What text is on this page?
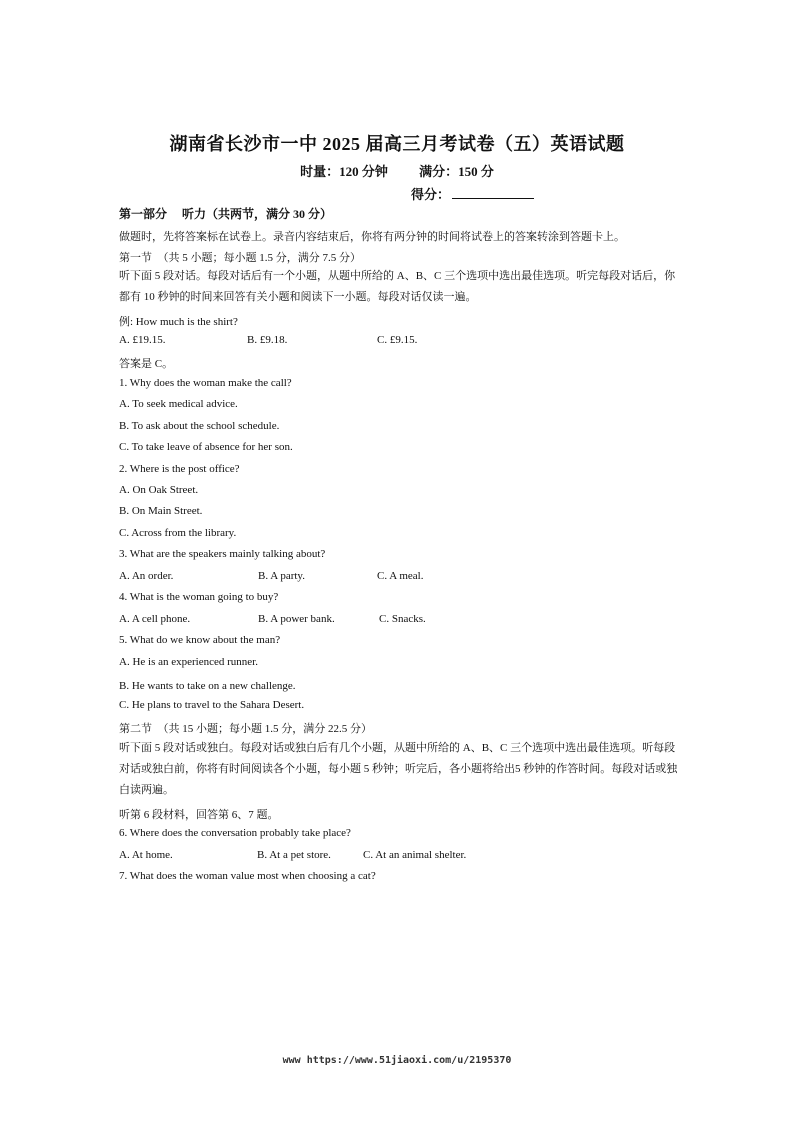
湖南省长沙市一中 2025 届高三月考试卷（五）英语试题
时量：120 分钟 满分：150 分
得分：
第一部分　 听力（共两节，满分 30 分）
做题时，先将答案标在试卷上。录音内容结束后，你将有两分钟的时间将试卷上的答案转涂到答题卡上。
第一节　（共 5 小题；每小题 1.5 分，满分 7.5 分）
听下面 5 段对话。每段对话后有一个小题，从题中所给的 A、B、C 三个选项中选出最佳选项。听完每段对话后，你都有 10 秒钟的时间来回答有关小题和阅读下一小题。每段对话仅读一遍。
例: How much is the shirt?
A. £19.15.	B. £9.18.	C. £9.15.
答案是 C。
1. Why does the woman make the call?
A. To seek medical advice.
B. To ask about the school schedule.
C. To take leave of absence for her son.
2. Where is the post office?
A. On Oak Street.
B. On Main Street.
C. Across from the library.
3. What are the speakers mainly talking about?
A. An order.	B. A party.	C. A meal.
4. What is the woman going to buy?
A. A cell phone.	B. A power bank.	C. Snacks.
5. What do we know about the man?
A. He is an experienced runner.
B. He wants to take on a new challenge.
C. He plans to travel to the Sahara Desert.
第二节　（共 15 小题；每小题 1.5 分，满分 22.5 分）
听下面 5 段对话或独白。每段对话或独白后有几个小题，从题中所给的 A、B、C 三个选项中选出最佳选项。听每段对话或独白前，你将有时间阅读各个小题，每小题 5 秒钟；听完后，各小题将给出5 秒钟的作答时间。每段对话或独白读两遍。
听第 6 段材料，回答第 6、7 题。
6. Where does the conversation probably take place?
A. At home.	B. At a pet store.	C. At an animal shelter.
7. What does the woman value most when choosing a cat?
www https://www.51jiaoxi.com/u/2195370
